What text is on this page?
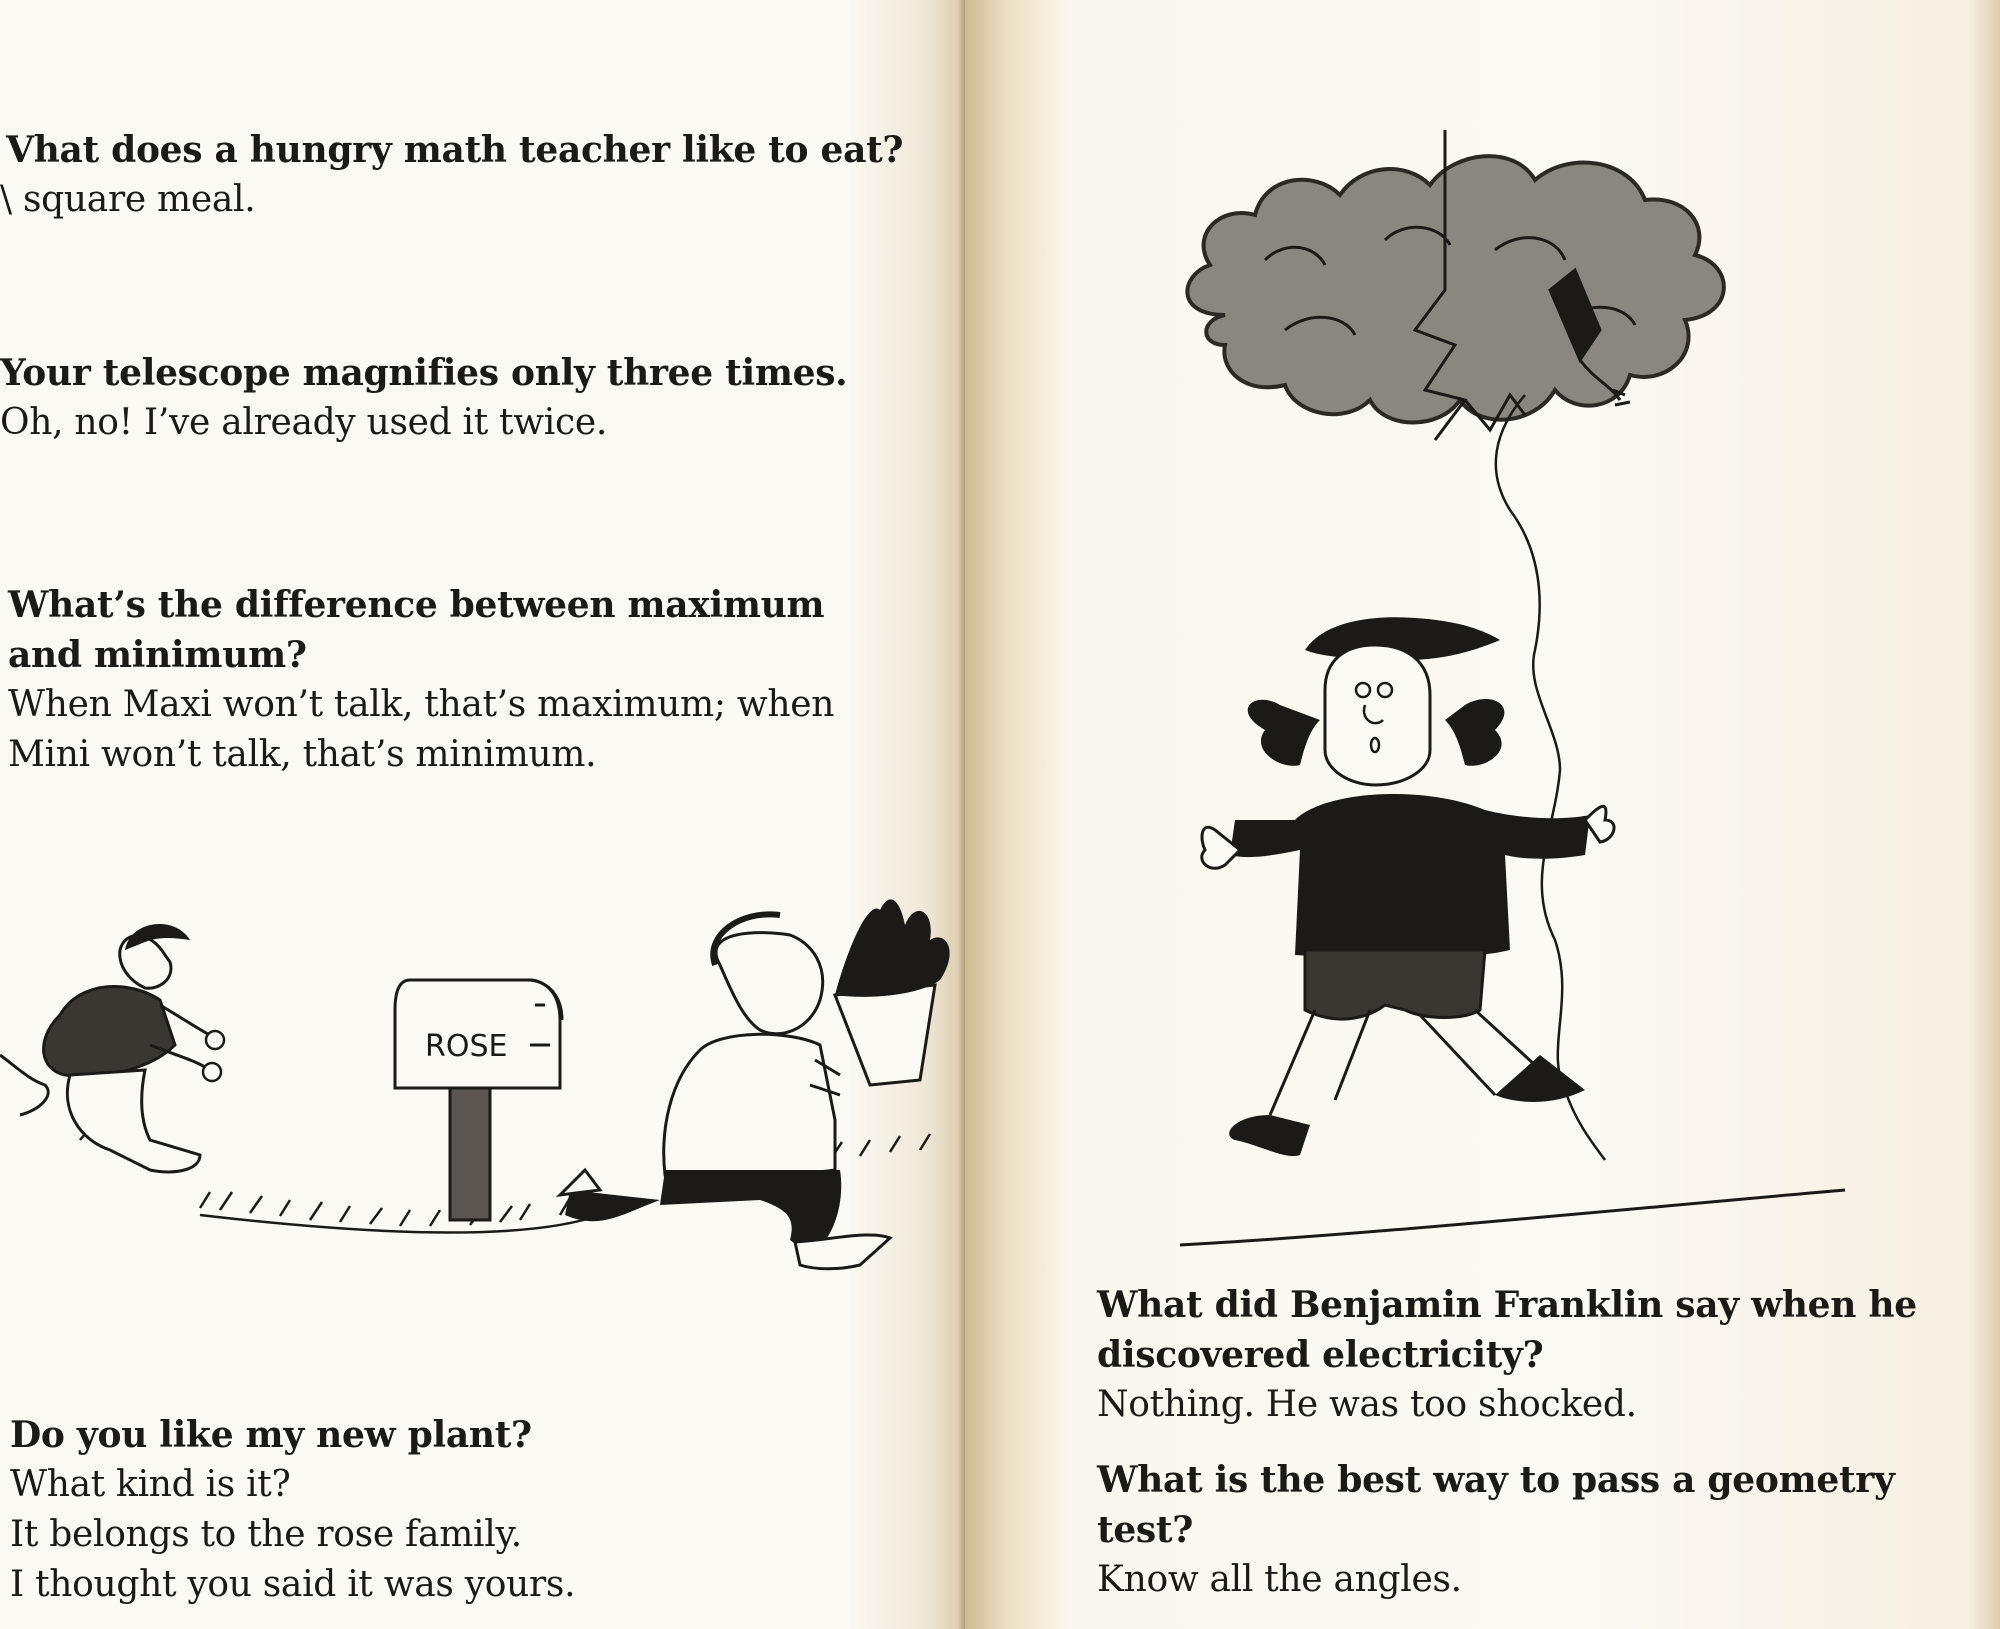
Vhat does a hungry math teacher like to eat?
\ square meal.
Your telescope magnifies only three times.
Oh, no! I’ve already used it twice.
What’s the difference between maximum and minimum?
When Maxi won’t talk, that’s maximum; when Mini won’t talk, that’s minimum.
ROSE
Do you like my new plant?
What kind is it?
It belongs to the rose family.
I thought you said it was yours.
What did Benjamin Franklin say when he discovered electricity?
Nothing. He was too shocked.
What is the best way to pass a geometry test?
Know all the angles.
